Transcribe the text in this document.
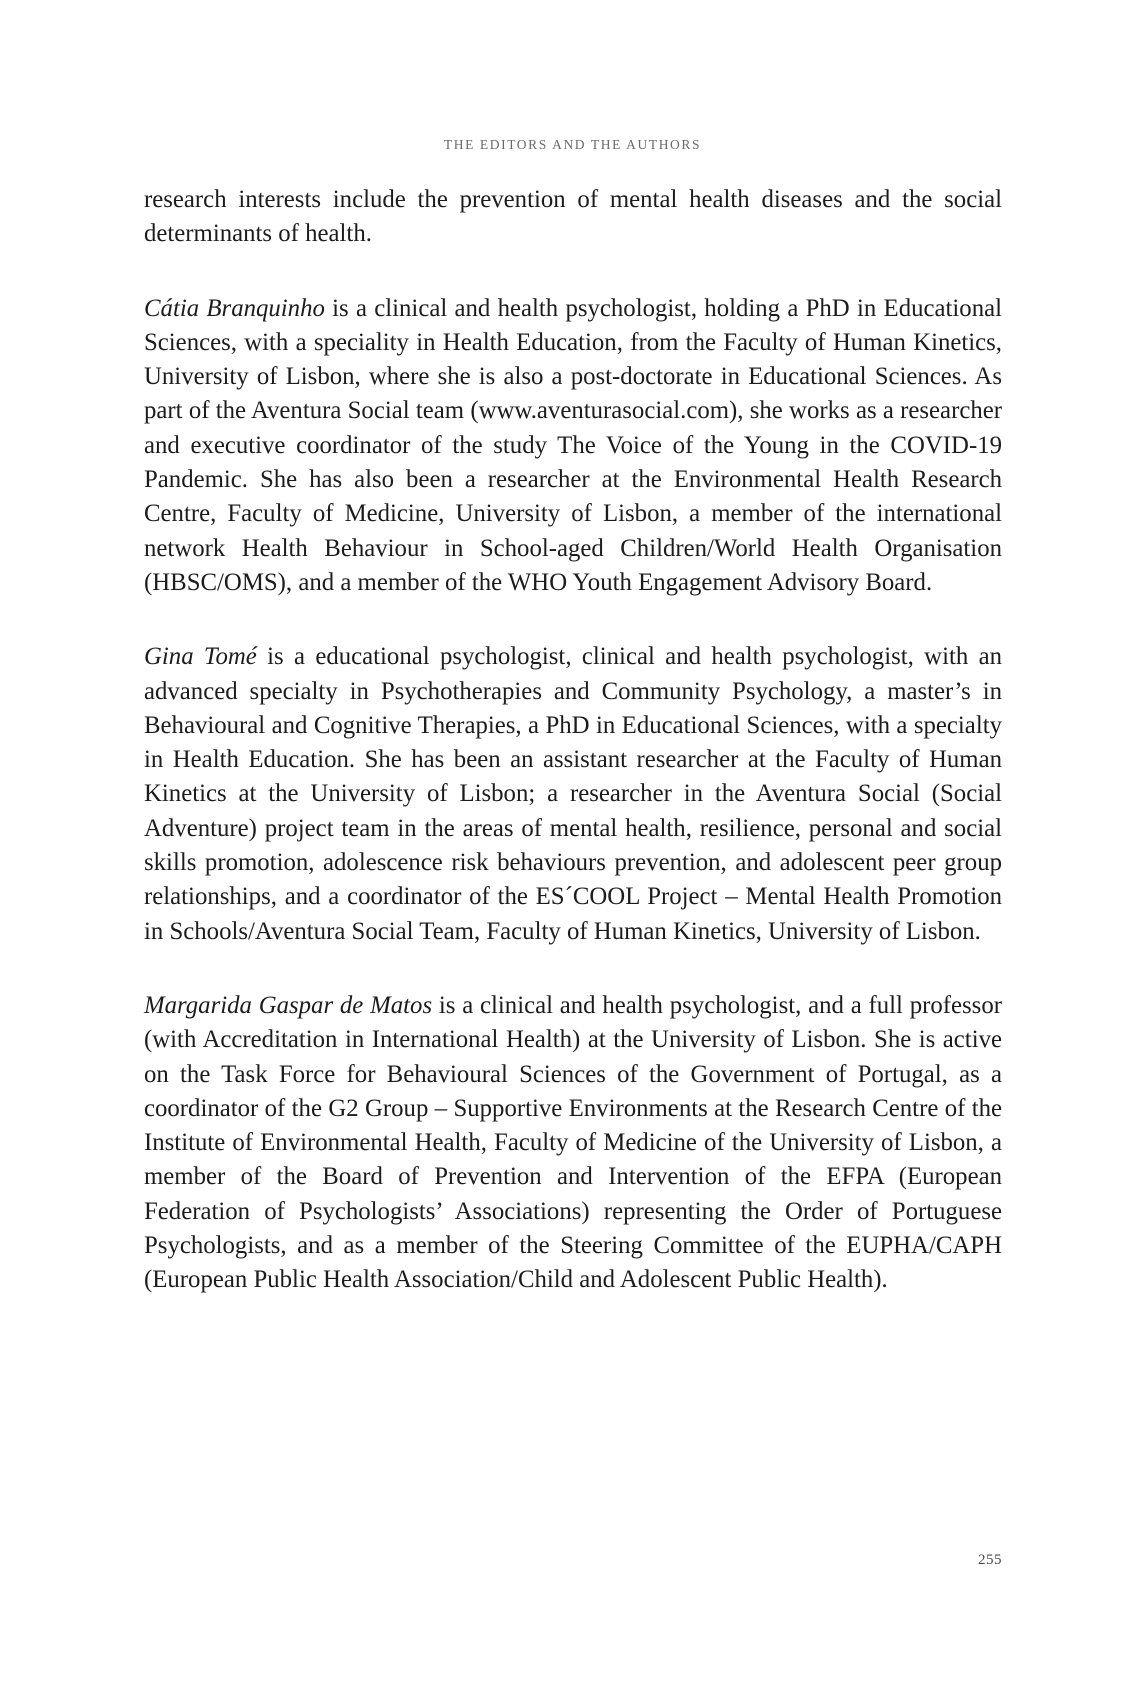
THE EDITORS AND THE AUTHORS

research interests include the prevention of mental health diseases and the social determinants of health.

Cátia Branquinho is a clinical and health psychologist, holding a PhD in Educational Sciences, with a speciality in Health Education, from the Faculty of Human Kinetics, University of Lisbon, where she is also a post-doctorate in Educational Sciences. As part of the Aventura Social team (www.aventurasocial.com), she works as a researcher and executive coordinator of the study The Voice of the Young in the COVID-19 Pandemic. She has also been a researcher at the Environmental Health Research Centre, Faculty of Medicine, University of Lisbon, a member of the international network Health Behaviour in School-aged Children/World Health Organisation (HBSC/OMS), and a member of the WHO Youth Engagement Advisory Board.

Gina Tomé is a educational psychologist, clinical and health psychologist, with an advanced specialty in Psychotherapies and Community Psychology, a master’s in Behavioural and Cognitive Therapies, a PhD in Educational Sciences, with a specialty in Health Education. She has been an assistant researcher at the Faculty of Human Kinetics at the University of Lisbon; a researcher in the Aventura Social (Social Adventure) project team in the areas of mental health, resilience, personal and social skills promotion, adolescence risk behaviours prevention, and adolescent peer group relationships, and a coordinator of the ES´COOL Project – Mental Health Promotion in Schools/Aventura Social Team, Faculty of Human Kinetics, University of Lisbon.

Margarida Gaspar de Matos is a clinical and health psychologist, and a full professor (with Accreditation in International Health) at the University of Lisbon. She is active on the Task Force for Behavioural Sciences of the Government of Portugal, as a coordinator of the G2 Group – Supportive Environments at the Research Centre of the Institute of Environmental Health, Faculty of Medicine of the University of Lisbon, a member of the Board of Prevention and Intervention of the EFPA (European Federation of Psychologists’ Associations) representing the Order of Portuguese Psychologists, and as a member of the Steering Committee of the EUPHA/​CAPH (European Public Health Association/Child and Adolescent Public Health).

255
